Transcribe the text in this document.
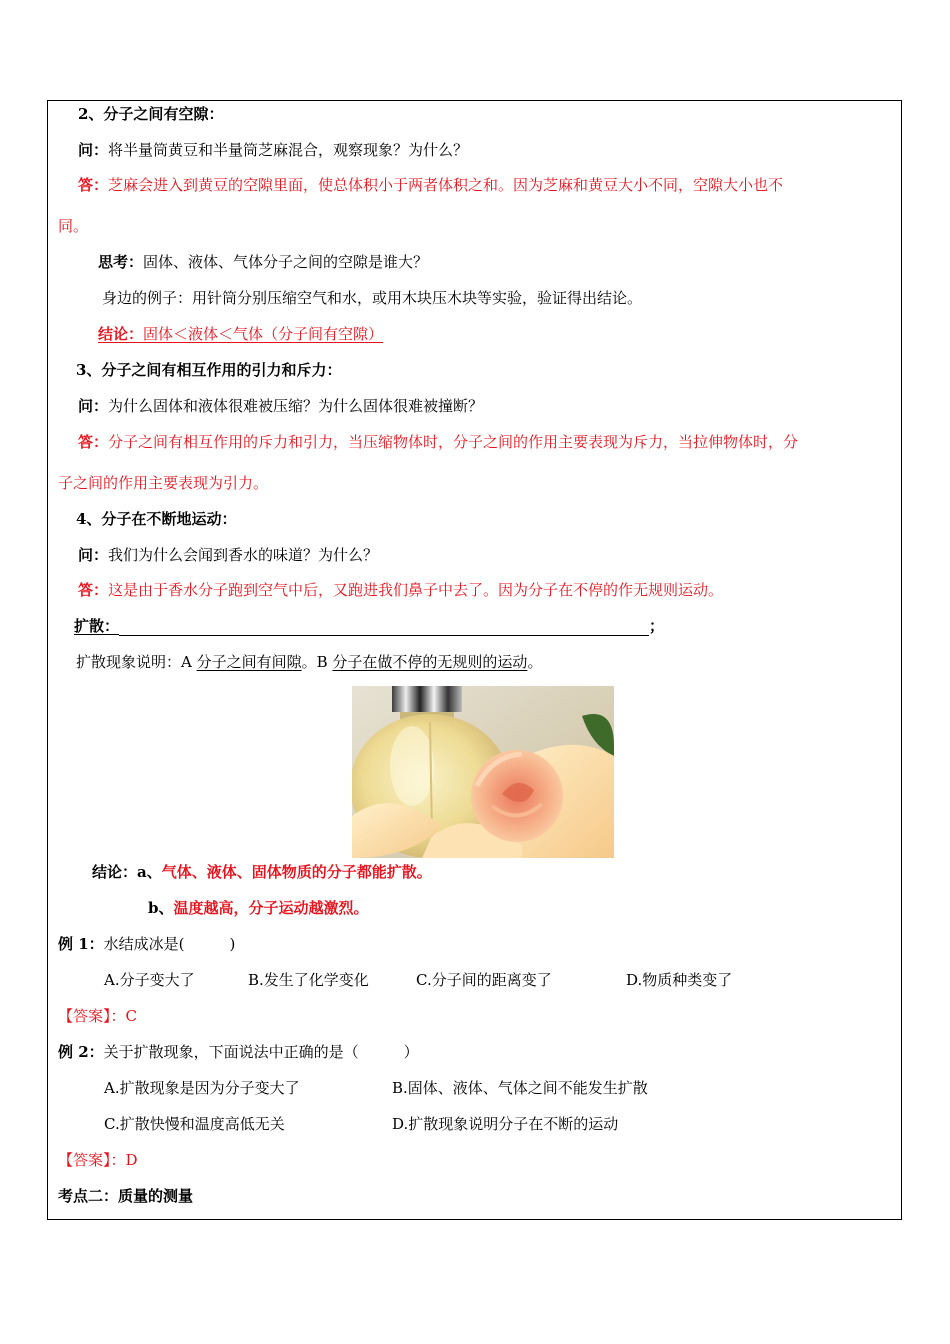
2、分子之间有空隙：
问：将半量筒黄豆和半量筒芝麻混合，观察现象？为什么？
答：芝麻会进入到黄豆的空隙里面，使总体积小于两者体积之和。因为芝麻和黄豆大小不同，空隙大小也不
同。
思考：固体、液体、气体分子之间的空隙是谁大？
身边的例子：用针筒分别压缩空气和水，或用木块压木块等实验，验证得出结论。
结论：固体＜液体＜气体（分子间有空隙）
3、分子之间有相互作用的引力和斥力：
问：为什么固体和液体很难被压缩？为什么固体很难被撞断？
答：分子之间有相互作用的斥力和引力，当压缩物体时，分子之间的作用主要表现为斥力，当拉伸物体时，分
子之间的作用主要表现为引力。
4、分子在不断地运动：
问：我们为什么会闻到香水的味道？为什么？
答：这是由于香水分子跑到空气中后，又跑进我们鼻子中去了。因为分子在不停的作无规则运动。
扩散：	；
扩散现象说明：A 分子之间有间隙。B 分子在做不停的无规则的运动。
结论：a、气体、液体、固体物质的分子都能扩散。
b、温度越高，分子运动越激烈。
例 1：水结成冰是(　　　)
A.分子变大了	B.发生了化学变化	C.分子间的距离变了	D.物质种类变了
【答案】：C
例 2：关于扩散现象，下面说法中正确的是（　　　）
A.扩散现象是因为分子变大了	B.固体、液体、气体之间不能发生扩散
C.扩散快慢和温度高低无关	D.扩散现象说明分子在不断的运动
【答案】：D
考点二：质量的测量
